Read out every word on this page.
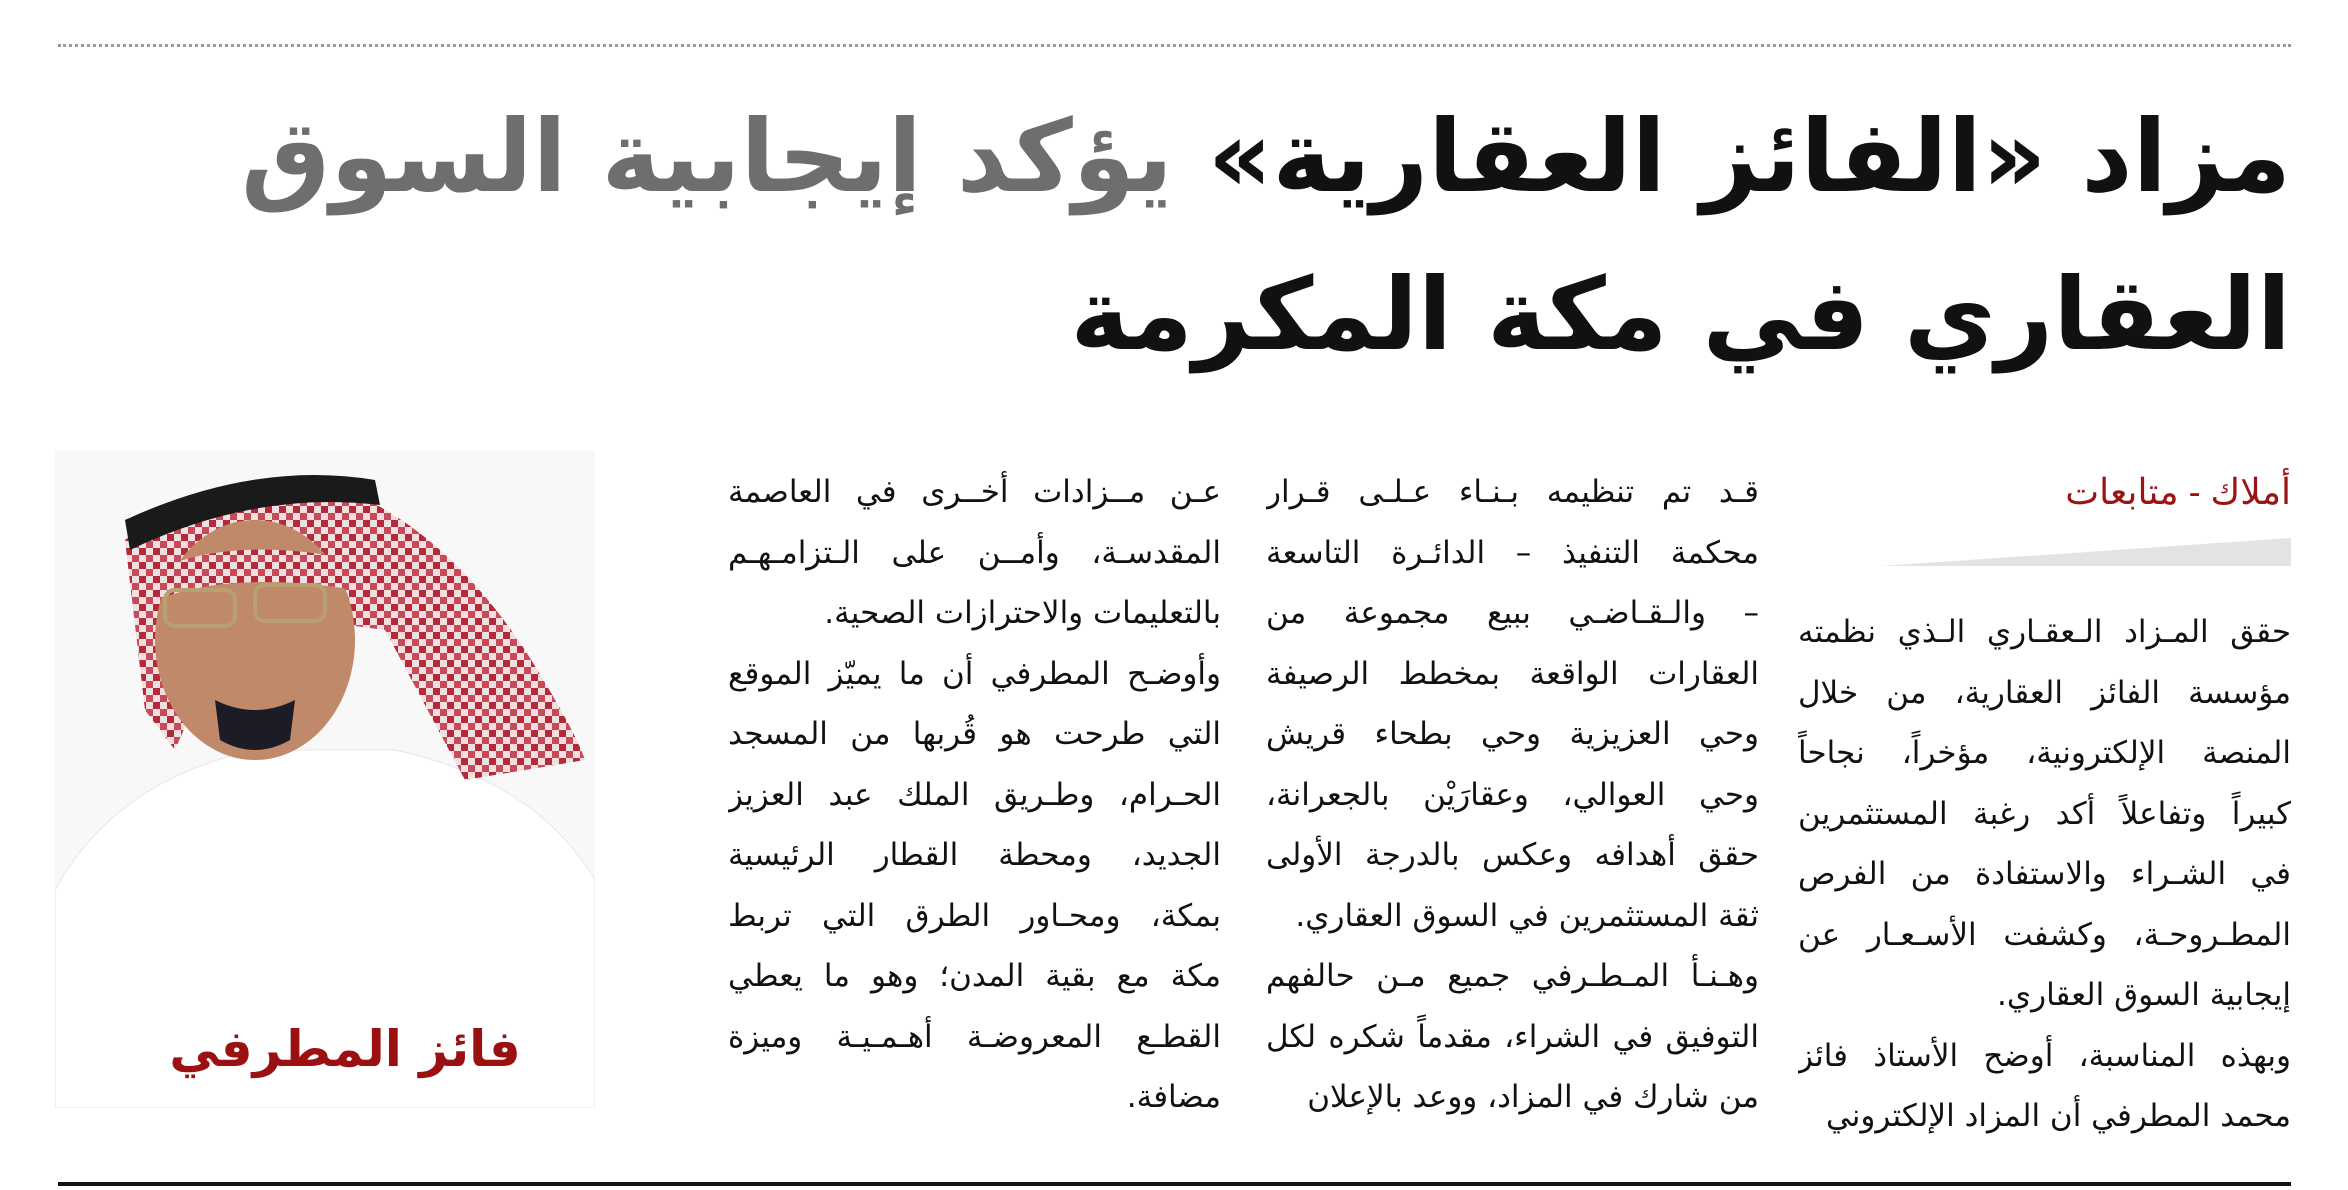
مزاد «الفائز العقارية» يؤكد إيجابية السوق
العقاري في مكة المكرمة
أملاك - متابعات
حقق المـزاد الـعقـاري الـذي نظمته
مؤسسة الفائز العقارية، من خلال
المنصة الإلكترونية، مؤخراً، نجاحاً
كبيراً وتفاعلاً أكد رغبة المستثمرين
في الشـراء والاستفادة من الفرص
المطـروحـة، وكشفت الأسـعـار عن
إيجابية السوق العقاري.
وبهذه المناسبة، أوضح الأستاذ فائز
محمد المطرفي أن المزاد الإلكتروني
قـد تم تنظيمه بـنـاء عـلـى قـرار
محكمة التنفيذ – الدائـرة التاسعة
– والـقـاضـي ببيع مجموعة من
العقارات الواقعة بمخطط الرصيفة
وحي العزيزية وحي بطحاء قريش
وحي العوالي، وعقارَيْن بالجعرانة،
حقق أهدافه وعكس بالدرجة الأولى
ثقة المستثمرين في السوق العقاري.
وهـنـأ المـطـرفي جميع مـن حالفهم
التوفيق في الشراء، مقدماً شكره لكل
من شارك في المزاد، ووعد بالإعلان
عـن مــزادات أخــرى في العاصمة
المقدسـة، وأمــن على الـتزامـهـم
بالتعليمات والاحترازات الصحية.
وأوضـح المطرفي أن ما يميّز الموقع
التي طرحت هو قُربها من المسجد
الحـرام، وطـريق الملك عبد العزيز
الجديد، ومحطة القطار الرئيسية
بمكة، ومحـاور الطرق التي تربط
مكة مع بقية المدن؛ وهو ما يعطي
القطـع المعروضـة أهـمـيـة وميزة
مضافة.
فائز المطرفي
